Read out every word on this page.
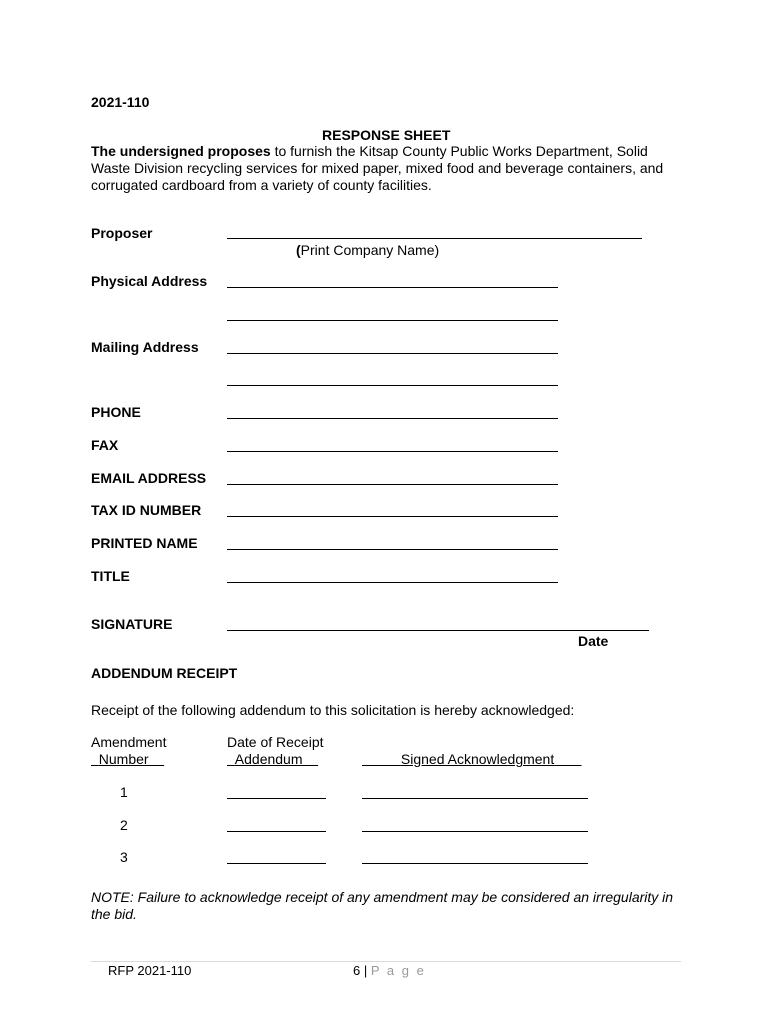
2021-110
RESPONSE SHEET
The undersigned proposes to furnish the Kitsap County Public Works Department, Solid Waste Division recycling services for mixed paper, mixed food and beverage containers, and corrugated cardboard from a variety of county facilities.
Proposer
(Print Company Name)
Physical Address
Mailing Address
PHONE
FAX
EMAIL ADDRESS
TAX ID NUMBER
PRINTED NAME
TITLE
SIGNATURE
Date
ADDENDUM RECEIPT
Receipt of the following addendum to this solicitation is hereby acknowledged:
Amendment
Number
Date of Receipt
Addendum	Signed Acknowledgment
1
2
3
NOTE: Failure to acknowledge receipt of any amendment may be considered an irregularity in the bid.
RFP 2021-110	6 | P a g e
